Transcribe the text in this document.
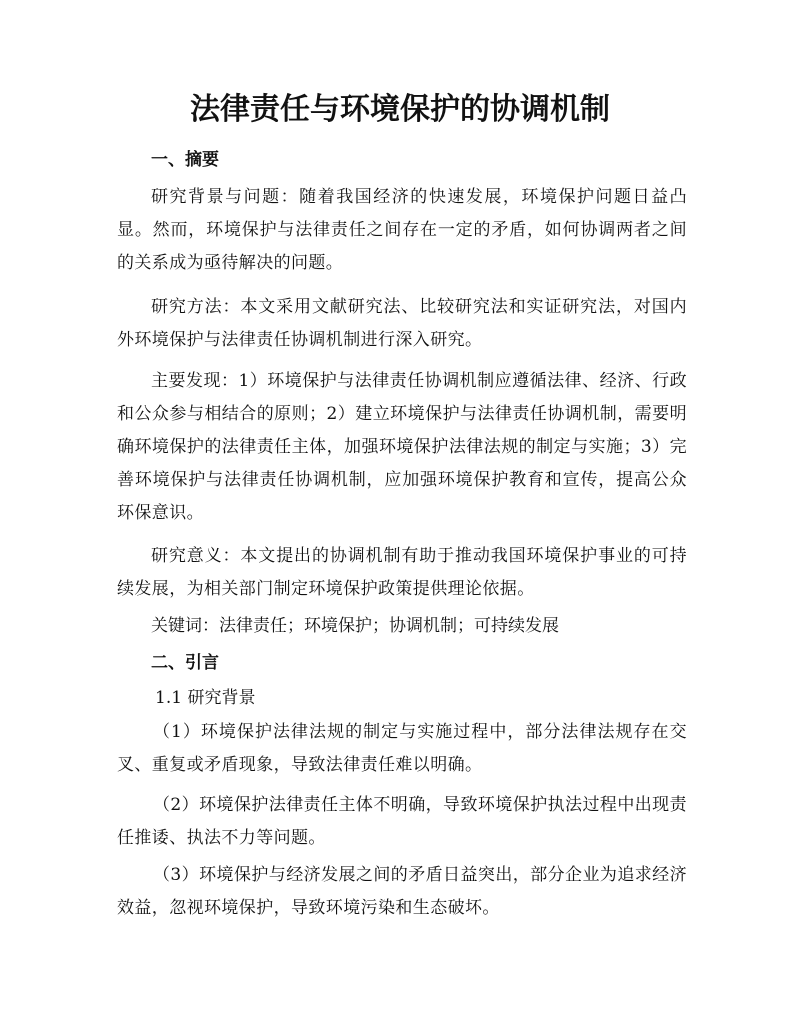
法律责任与环境保护的协调机制
一、摘要

研究背景与问题：随着我国经济的快速发展，环境保护问题日益凸显。然而，环境保护与法律责任之间存在一定的矛盾，如何协调两者之间的关系成为亟待解决的问题。

研究方法：本文采用文献研究法、比较研究法和实证研究法，对国内外环境保护与法律责任协调机制进行深入研究。

主要发现：1）环境保护与法律责任协调机制应遵循法律、经济、行政和公众参与相结合的原则；2）建立环境保护与法律责任协调机制，需要明确环境保护的法律责任主体，加强环境保护法律法规的制定与实施；3）完善环境保护与法律责任协调机制，应加强环境保护教育和宣传，提高公众环保意识。

研究意义：本文提出的协调机制有助于推动我国环境保护事业的可持续发展，为相关部门制定环境保护政策提供理论依据。

关键词：法律责任；环境保护；协调机制；可持续发展

二、引言

1.1 研究背景

（1）环境保护法律法规的制定与实施过程中，部分法律法规存在交叉、重复或矛盾现象，导致法律责任难以明确。

（2）环境保护法律责任主体不明确，导致环境保护执法过程中出现责任推诿、执法不力等问题。

（3）环境保护与经济发展之间的矛盾日益突出，部分企业为追求经济效益，忽视环境保护，导致环境污染和生态破坏。
